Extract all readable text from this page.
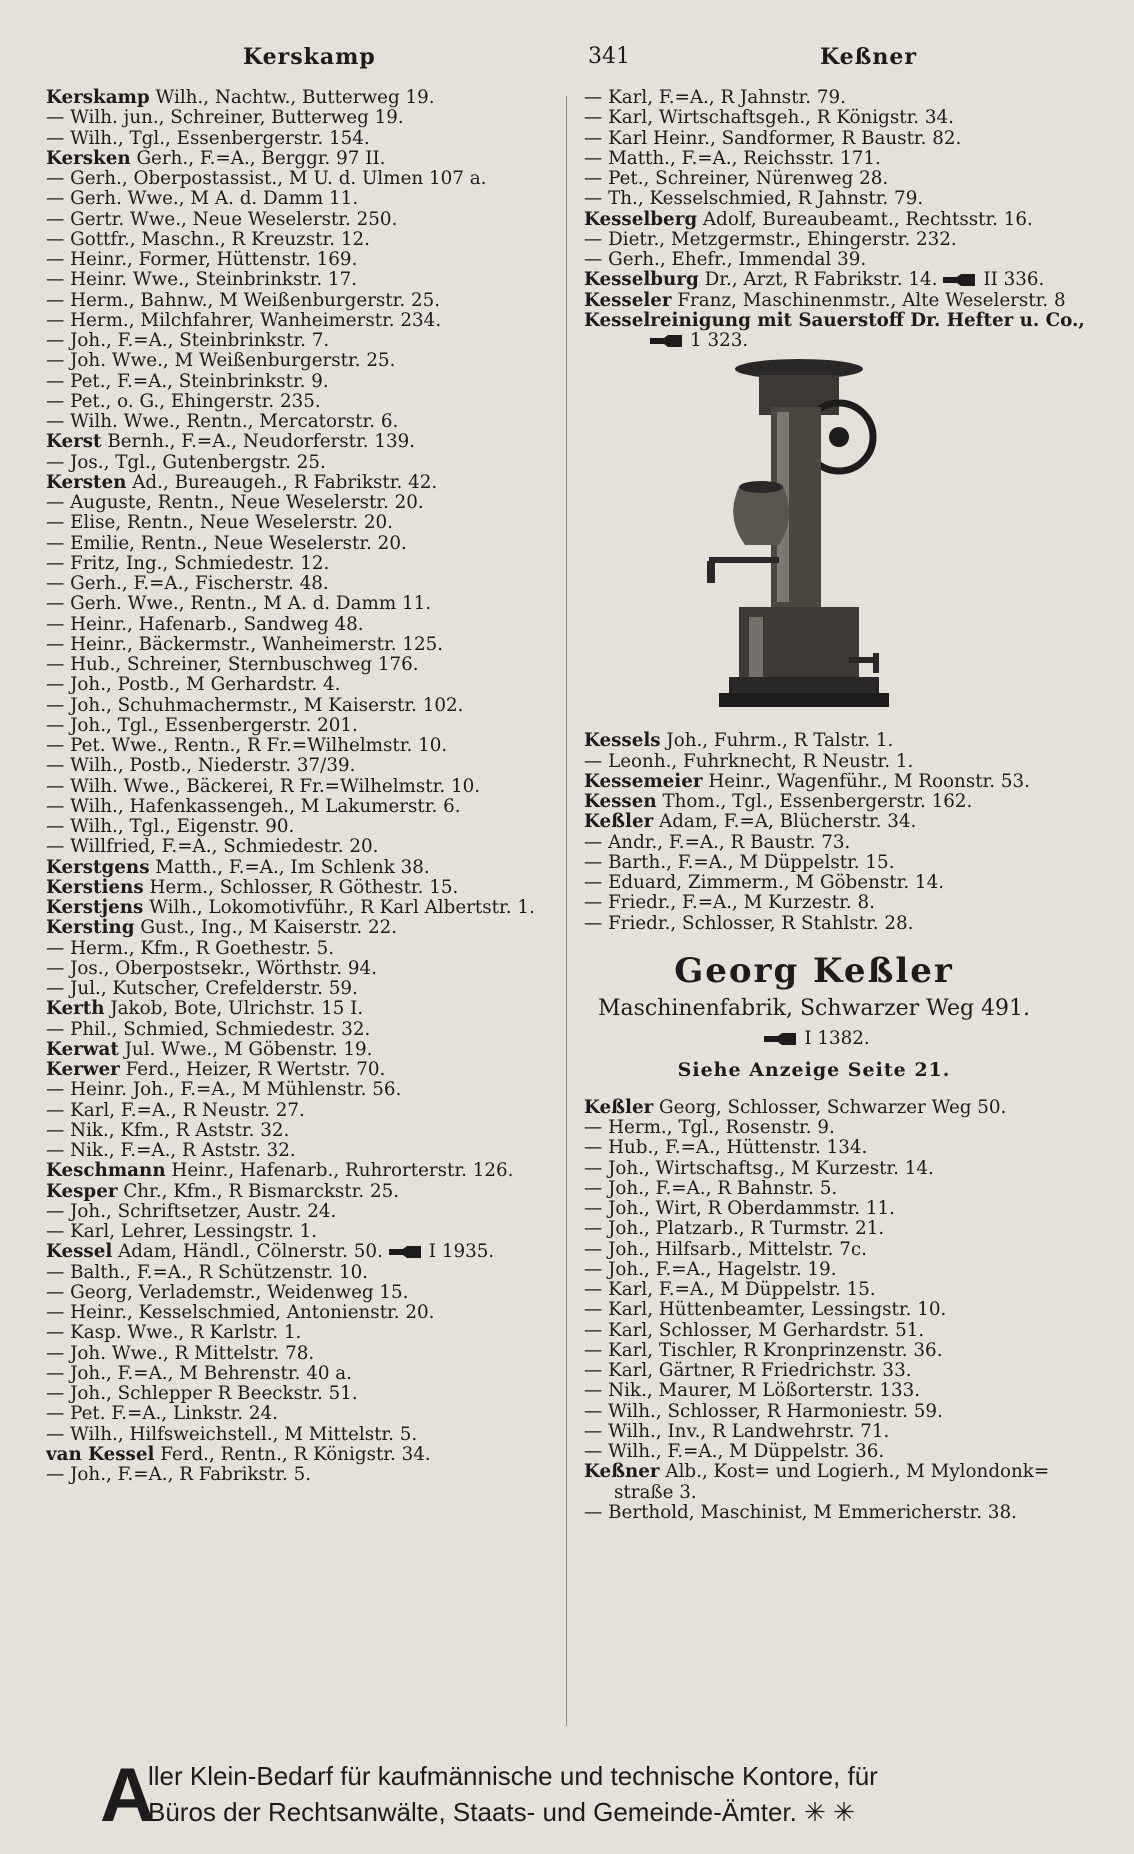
Kerskamp	341	Keßner
Kerskamp Wilh., Nachtw., Butterweg 19.
— Wilh. jun., Schreiner, Butterweg 19.
— Wilh., Tgl., Essenbergerstr. 154.
Kersken Gerh., F.=A., Berggr. 97 II.
— Gerh., Oberpostassist., M U. d. Ulmen 107 a.
— Gerh. Wwe., M A. d. Damm 11.
— Gertr. Wwe., Neue Weselerstr. 250.
— Gottfr., Maschn., R Kreuzstr. 12.
— Heinr., Former, Hüttenstr. 169.
— Heinr. Wwe., Steinbrinkstr. 17.
— Herm., Bahnw., M Weißenburgerstr. 25.
— Herm., Milchfahrer, Wanheimerstr. 234.
— Joh., F.=A., Steinbrinkstr. 7.
— Joh. Wwe., M Weißenburgerstr. 25.
— Pet., F.=A., Steinbrinkstr. 9.
— Pet., o. G., Ehingerstr. 235.
— Wilh. Wwe., Rentn., Mercatorstr. 6.
Kerst Bernh., F.=A., Neudorferstr. 139.
— Jos., Tgl., Gutenbergstr. 25.
Kersten Ad., Bureaugeh., R Fabrikstr. 42.
— Auguste, Rentn., Neue Weselerstr. 20.
— Elise, Rentn., Neue Weselerstr. 20.
— Emilie, Rentn., Neue Weselerstr. 20.
— Fritz, Ing., Schmiedestr. 12.
— Gerh., F.=A., Fischerstr. 48.
— Gerh. Wwe., Rentn., M A. d. Damm 11.
— Heinr., Hafenarb., Sandweg 48.
— Heinr., Bäckermstr., Wanheimerstr. 125.
— Hub., Schreiner, Sternbuschweg 176.
— Joh., Postb., M Gerhardstr. 4.
— Joh., Schuhmachermstr., M Kaiserstr. 102.
— Joh., Tgl., Essenbergerstr. 201.
— Pet. Wwe., Rentn., R Fr.=Wilhelmstr. 10.
— Wilh., Postb., Niederstr. 37/39.
— Wilh. Wwe., Bäckerei, R Fr.=Wilhelmstr. 10.
— Wilh., Hafenkassengeh., M Lakumerstr. 6.
— Wilh., Tgl., Eigenstr. 90.
— Willfried, F.=A., Schmiedestr. 20.
Kerstgens Matth., F.=A., Im Schlenk 38.
Kerstiens Herm., Schlosser, R Göthestr. 15.
Kerstjens Wilh., Lokomotivführ., R Karl Albertstr. 1.
Kersting Gust., Ing., M Kaiserstr. 22.
— Herm., Kfm., R Goethestr. 5.
— Jos., Oberpostsekr., Wörthstr. 94.
— Jul., Kutscher, Crefelderstr. 59.
Kerth Jakob, Bote, Ulrichstr. 15 I.
— Phil., Schmied, Schmiedestr. 32.
Kerwat Jul. Wwe., M Göbenstr. 19.
Kerwer Ferd., Heizer, R Wertstr. 70.
— Heinr. Joh., F.=A., M Mühlenstr. 56.
— Karl, F.=A., R Neustr. 27.
— Nik., Kfm., R Aststr. 32.
— Nik., F.=A., R Aststr. 32.
Keschmann Heinr., Hafenarb., Ruhrorterstr. 126.
Kesper Chr., Kfm., R Bismarckstr. 25.
— Joh., Schriftsetzer, Austr. 24.
— Karl, Lehrer, Lessingstr. 1.
Kessel Adam, Händl., Cölnerstr. 50.	I 1935.
— Balth., F.=A., R Schützenstr. 10.
— Georg, Verlademstr., Weidenweg 15.
— Heinr., Kesselschmied, Antonienstr. 20.
— Kasp. Wwe., R Karlstr. 1.
— Joh. Wwe., R Mittelstr. 78.
— Joh., F.=A., M Behrenstr. 40 a.
— Joh., Schlepper R Beeckstr. 51.
— Pet. F.=A., Linkstr. 24.
— Wilh., Hilfsweichstell., M Mittelstr. 5.
van Kessel Ferd., Rentn., R Königstr. 34.
— Joh., F.=A., R Fabrikstr. 5.
— Karl, F.=A., R Jahnstr. 79.
— Karl, Wirtschaftsgeh., R Königstr. 34.
— Karl Heinr., Sandformer, R Baustr. 82.
— Matth., F.=A., Reichsstr. 171.
— Pet., Schreiner, Nürenweg 28.
— Th., Kesselschmied, R Jahnstr. 79.
Kesselberg Adolf, Bureaubeamt., Rechtsstr. 16.
— Dietr., Metzgermstr., Ehingerstr. 232.
— Gerh., Ehefr., Immendal 39.
Kesselburg Dr., Arzt, R Fabrikstr. 14.	II 336.
Kesseler Franz, Maschinenmstr., Alte Weselerstr. 8
Kesselreinigung mit Sauerstoff Dr. Hefter u. Co.,
1 323.
Kessels Joh., Fuhrm., R Talstr. 1.
— Leonh., Fuhrknecht, R Neustr. 1.
Kessemeier Heinr., Wagenführ., M Roonstr. 53.
Kessen Thom., Tgl., Essenbergerstr. 162.
Keßler Adam, F.=A, Blücherstr. 34.
— Andr., F.=A., R Baustr. 73.
— Barth., F.=A., M Düppelstr. 15.
— Eduard, Zimmerm., M Göbenstr. 14.
— Friedr., F.=A., M Kurzestr. 8.
— Friedr., Schlosser, R Stahlstr. 28.
Georg Keßler
Maschinenfabrik, Schwarzer Weg 491.
I 1382.
Siehe Anzeige Seite 21.
Keßler Georg, Schlosser, Schwarzer Weg 50.
— Herm., Tgl., Rosenstr. 9.
— Hub., F.=A., Hüttenstr. 134.
— Joh., Wirtschaftsg., M Kurzestr. 14.
— Joh., F.=A., R Bahnstr. 5.
— Joh., Wirt, R Oberdammstr. 11.
— Joh., Platzarb., R Turmstr. 21.
— Joh., Hilfsarb., Mittelstr. 7c.
— Joh., F.=A., Hagelstr. 19.
— Karl, F.=A., M Düppelstr. 15.
— Karl, Hüttenbeamter, Lessingstr. 10.
— Karl, Schlosser, M Gerhardstr. 51.
— Karl, Tischler, R Kronprinzenstr. 36.
— Karl, Gärtner, R Friedrichstr. 33.
— Nik., Maurer, M Lößorterstr. 133.
— Wilh., Schlosser, R Harmoniestr. 59.
— Wilh., Inv., R Landwehrstr. 71.
— Wilh., F.=A., M Düppelstr. 36.
Keßner Alb., Kost= und Logierh., M Mylondonk=
straße 3.
— Berthold, Maschinist, M Emmericherstr. 38.
A
ller Klein-Bedarf für kaufmännische und technische Kontore, für
Büros der Rechtsanwälte, Staats- und Gemeinde-Ämter. ✳ ✳
